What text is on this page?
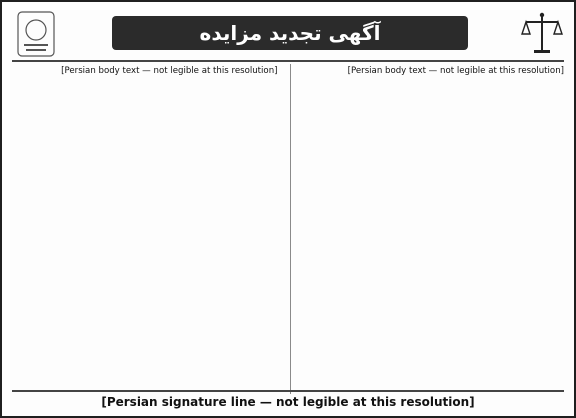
آگهی تجدید مزایده

[Persian body text — not legible at this resolution]

[Persian body text — not legible at this resolution]

[Persian signature line — not legible at this resolution]
